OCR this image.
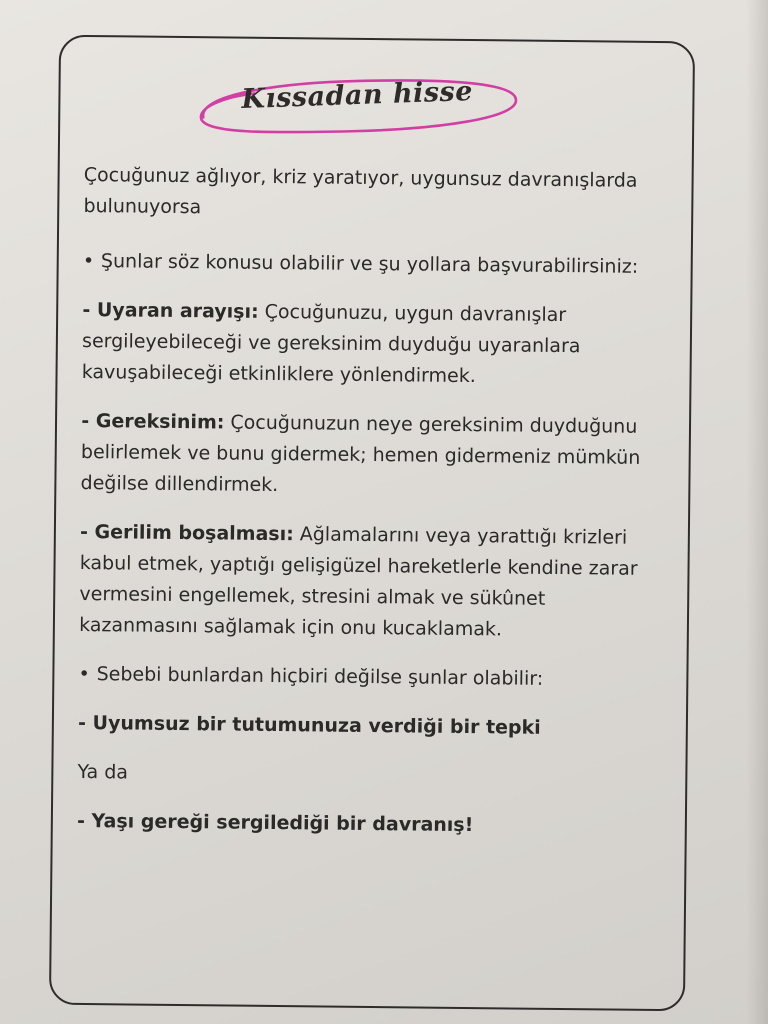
Kıssadan hisse

Çocuğunuz ağlıyor, kriz yaratıyor, uygunsuz davranışlarda bulunuyorsa

• Şunlar söz konusu olabilir ve şu yollara başvurabilirsiniz:

- Uyaran arayışı: Çocuğunuzu, uygun davranışlar sergileyebileceği ve gereksinim duyduğu uyaranlara kavuşabileceği etkinliklere yönlendirmek.

- Gereksinim: Çocuğunuzun neye gereksinim duyduğunu belirlemek ve bunu gidermek; hemen gidermeniz mümkün değilse dillendirmek.

- Gerilim boşalması: Ağlamalarını veya yarattığı krizleri kabul etmek, yaptığı gelişigüzel hareketlerle kendine zarar vermesini engellemek, stresini almak ve sükûnet kazanmasını sağlamak için onu kucaklamak.

• Sebebi bunlardan hiçbiri değilse şunlar olabilir:

- Uyumsuz bir tutumunuza verdiği bir tepki

Ya da

- Yaşı gereği sergilediği bir davranış!
